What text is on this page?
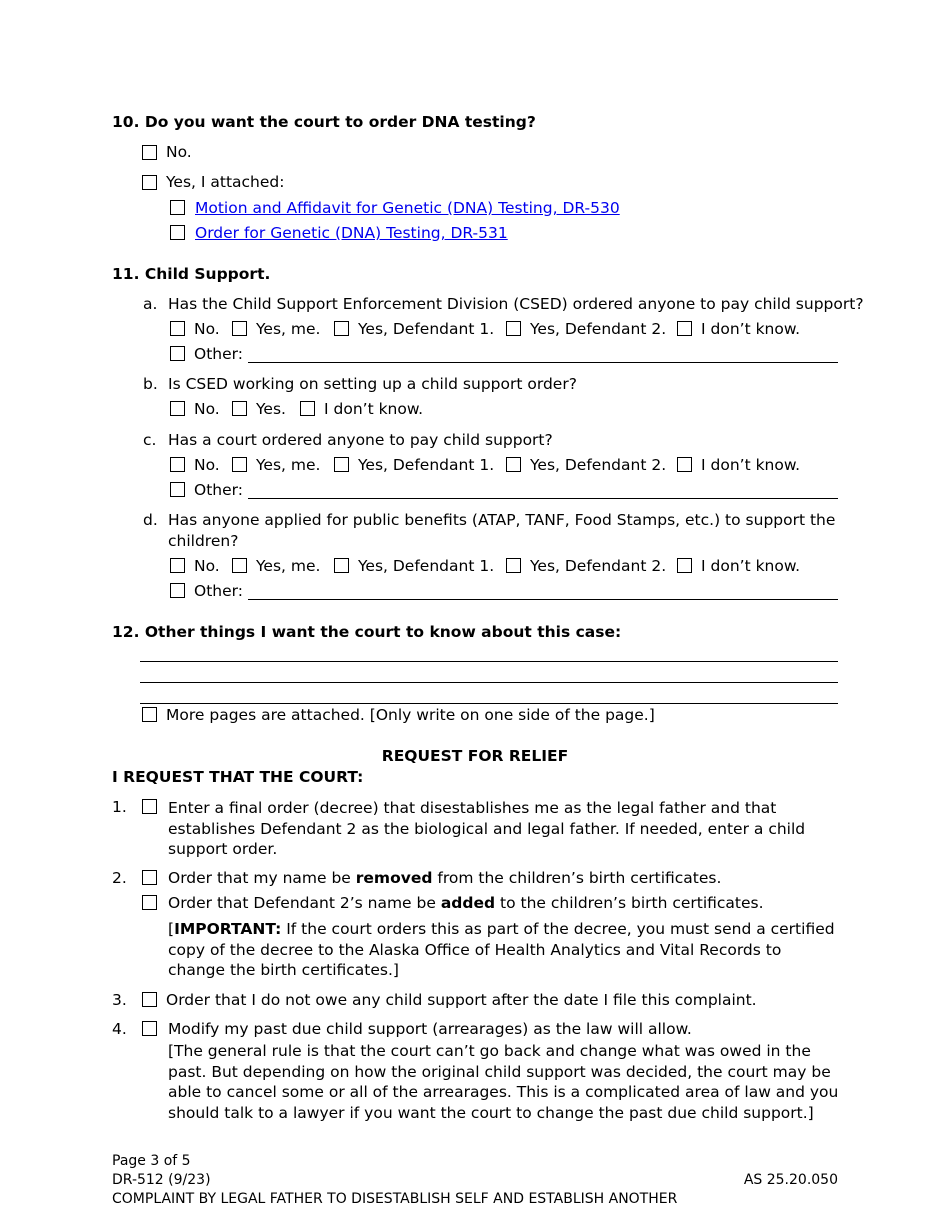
10. Do you want the court to order DNA testing?
No.
Yes, I attached:
Motion and Affidavit for Genetic (DNA) Testing, DR-530
Order for Genetic (DNA) Testing, DR-531
11. Child Support.
a. Has the Child Support Enforcement Division (CSED) ordered anyone to pay child support?
No. Yes, me. Yes, Defendant 1. Yes, Defendant 2. I don’t know.
Other:
b. Is CSED working on setting up a child support order?
No. Yes. I don’t know.
c. Has a court ordered anyone to pay child support?
No. Yes, me. Yes, Defendant 1. Yes, Defendant 2. I don’t know.
Other:
d. Has anyone applied for public benefits (ATAP, TANF, Food Stamps, etc.) to support the
children?
No. Yes, me. Yes, Defendant 1. Yes, Defendant 2. I don’t know.
Other:
12. Other things I want the court to know about this case:
More pages are attached. [Only write on one side of the page.]
REQUEST FOR RELIEF
I REQUEST THAT THE COURT:
1.	Enter a final order (decree) that disestablishes me as the legal father and that establishes Defendant 2 as the biological and legal father. If needed, enter a child support order.
2.	Order that my name be removed from the children’s birth certificates.
Order that Defendant 2’s name be added to the children’s birth certificates.
[IMPORTANT: If the court orders this as part of the decree, you must send a certified copy of the decree to the Alaska Office of Health Analytics and Vital Records to change the birth certificates.]
3.	Order that I do not owe any child support after the date I file this complaint.
4.	Modify my past due child support (arrearages) as the law will allow.
[The general rule is that the court can’t go back and change what was owed in the past. But depending on how the original child support was decided, the court may be able to cancel some or all of the arrearages. This is a complicated area of law and you should talk to a lawyer if you want the court to change the past due child support.]
Page 3 of 5
DR-512 (9/23)	AS 25.20.050
COMPLAINT BY LEGAL FATHER TO DISESTABLISH SELF AND ESTABLISH ANOTHER
